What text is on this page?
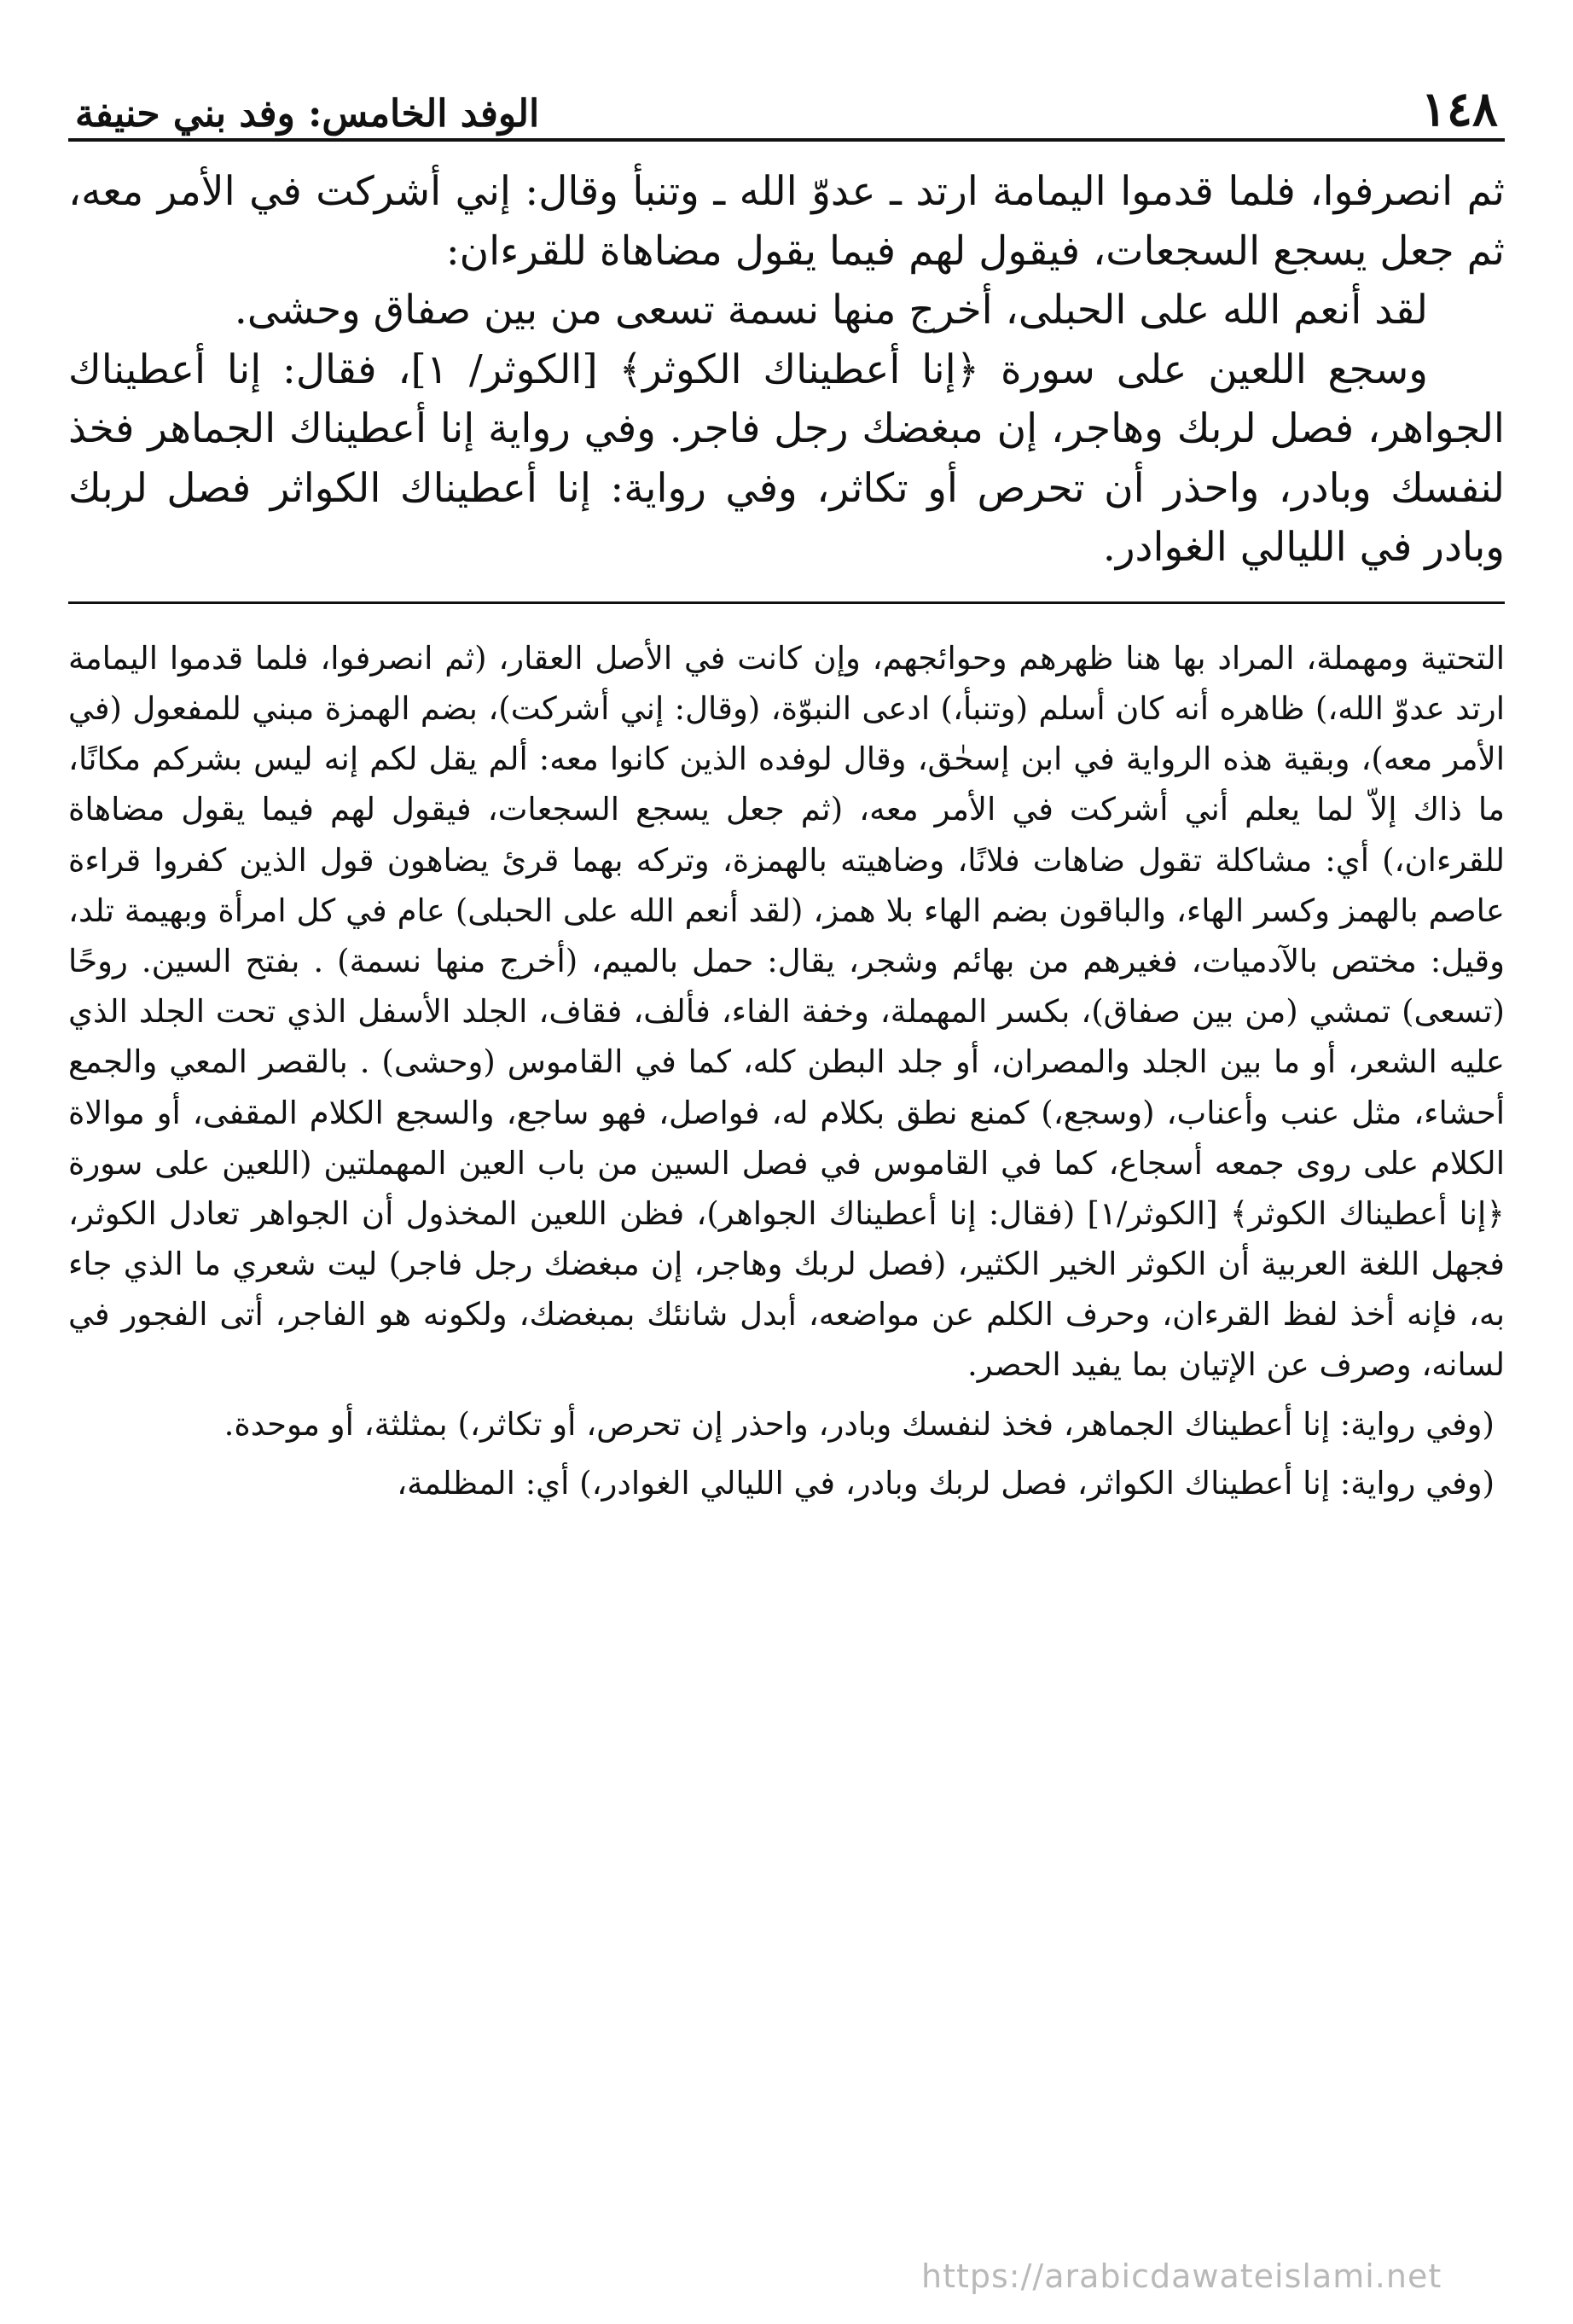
١٤٨
الوفد الخامس: وفد بني حنيفة

ثم انصرفوا، فلما قدموا اليمامة ارتد ـ عدوّ الله ـ وتنبأ وقال: إني أشركت في الأمر معه، ثم جعل يسجع السجعات، فيقول لهم فيما يقول مضاهاة للقرءان:

لقد أنعم الله على الحبلى، أخرج منها نسمة تسعى من بين صفاق وحشى.

وسجع اللعين على سورة ﴿إنا أعطيناك الكوثر﴾ [الكوثر/ ١]، فقال: إنا أعطيناك الجواهر، فصل لربك وهاجر، إن مبغضك رجل فاجر. وفي رواية إنا أعطيناك الجماهر فخذ لنفسك وبادر، واحذر أن تحرص أو تكاثر، وفي رواية: إنا أعطيناك الكواثر فصل لربك وبادر في الليالي الغوادر.

التحتية ومهملة، المراد بها هنا ظهرهم وحوائجهم، وإن كانت في الأصل العقار، (ثم انصرفوا، فلما قدموا اليمامة ارتد عدوّ الله،) ظاهره أنه كان أسلم (وتنبأ،) ادعى النبوّة، (وقال: إني أشركت)، بضم الهمزة مبني للمفعول (في الأمر معه)، وبقية هذه الرواية في ابن إسحٰق، وقال لوفده الذين كانوا معه: ألم يقل لكم إنه ليس بشركم مكانًا، ما ذاك إلاّ لما يعلم أني أشركت في الأمر معه، (ثم جعل يسجع السجعات، فيقول لهم فيما يقول مضاهاة للقرءان،) أي: مشاكلة تقول ضاهات فلانًا، وضاهيته بالهمزة، وتركه بهما قرئ يضاهون قول الذين كفروا قراءة عاصم بالهمز وكسر الهاء، والباقون بضم الهاء بلا همز، (لقد أنعم الله على الحبلى) عام في كل امرأة وبهيمة تلد، وقيل: مختص بالآدميات، فغيرهم من بهائم وشجر، يقال: حمل بالميم، (أخرج منها نسمة) . بفتح السين. روحًا (تسعى) تمشي (من بين صفاق)، بكسر المهملة، وخفة الفاء، فألف، فقاف، الجلد الأسفل الذي تحت الجلد الذي عليه الشعر، أو ما بين الجلد والمصران، أو جلد البطن كله، كما في القاموس (وحشى) . بالقصر المعي والجمع أحشاء، مثل عنب وأعناب، (وسجع،) كمنع نطق بكلام له، فواصل، فهو ساجع، والسجع الكلام المقفى، أو موالاة الكلام على روى جمعه أسجاع، كما في القاموس في فصل السين من باب العين المهملتين (اللعين على سورة ﴿إنا أعطيناك الكوثر﴾ [الكوثر/١] (فقال: إنا أعطيناك الجواهر)، فظن اللعين المخذول أن الجواهر تعادل الكوثر، فجهل اللغة العربية أن الكوثر الخير الكثير، (فصل لربك وهاجر، إن مبغضك رجل فاجر) ليت شعري ما الذي جاء به، فإنه أخذ لفظ القرءان، وحرف الكلم عن مواضعه، أبدل شانئك بمبغضك، ولكونه هو الفاجر، أتى الفجور في لسانه، وصرف عن الإتيان بما يفيد الحصر.

(وفي رواية: إنا أعطيناك الجماهر، فخذ لنفسك وبادر، واحذر إن تحرص، أو تكاثر،) بمثلثة، أو موحدة.

(وفي رواية: إنا أعطيناك الكواثر، فصل لربك وبادر، في الليالي الغوادر،) أي: المظلمة،

https://arabicdawateislami.net
